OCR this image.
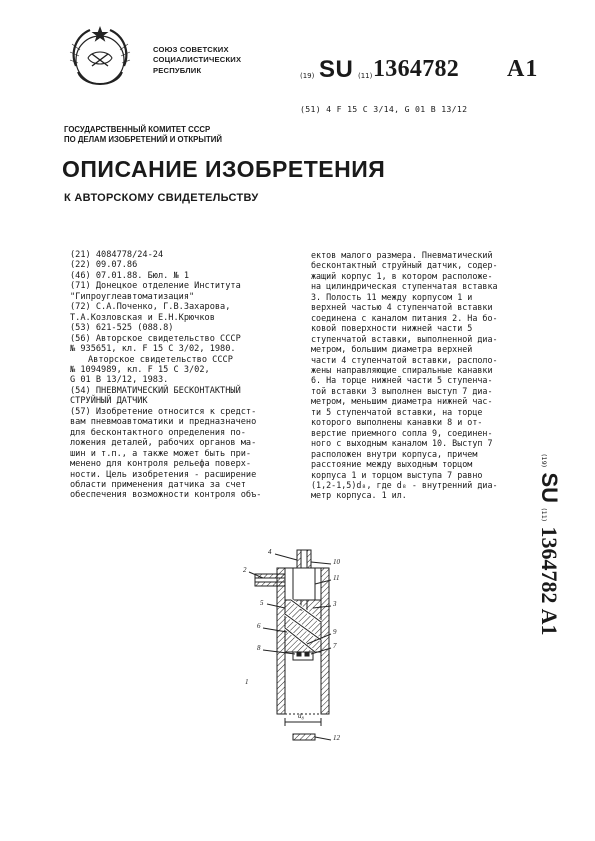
СОЮЗ СОВЕТСКИХ
СОЦИАЛИСТИЧЕСКИХ
РЕСПУБЛИК
(19) SU (11) 1364782 A1
(51) 4 F 15 C 3/14, G 01 B 13/12
ГОСУДАРСТВЕННЫЙ КОМИТЕТ СССР
ПО ДЕЛАМ ИЗОБРЕТЕНИЙ И ОТКРЫТИЙ
ОПИСАНИЕ ИЗОБРЕТЕНИЯ
К АВТОРСКОМУ СВИДЕТЕЛЬСТВУ
(21) 4084778/24-24
(22) 09.07.86
(46) 07.01.88. Бюл. № 1
(71) Донецкое отделение Института
"Гипроуглеавтоматизация"
(72) С.А.Поченко, Г.В.Захарова,
Т.А.Козловская и Е.Н.Крючков
(53) 621-525 (088.8)
(56) Авторское свидетельство СССР
№ 935651, кл. F 15 C 3/02, 1980.
Авторское свидетельство СССР
№ 1094989, кл. F 15 C 3/02,
G 01 B 13/12, 1983.
(54) ПНЕВМАТИЧЕСКИЙ БЕСКОНТАКТНЫЙ
СТРУЙНЫЙ ДАТЧИК
(57) Изобретение относится к средст-
вам пневмоавтоматики и предназначено
для бесконтактного определения по-
ложения деталей, рабочих органов ма-
шин и т.п., а также может быть при-
менено для контроля рельефа поверх-
ности. Цель изобретения - расширение
области применения датчика за счет
обеспечения возможности контроля объ-
ектов малого размера. Пневматический
бесконтактный струйный датчик, содер-
жащий корпус 1, в котором расположе-
на цилиндрическая ступенчатая вставка
3. Полость 11 между корпусом 1 и
верхней частью 4 ступенчатой вставки
соединена с каналом питания 2. На бо-
ковой поверхности нижней части 5
ступенчатой вставки, выполненной диа-
метром, большим диаметра верхней
части 4 ступенчатой вставки, располо-
жены направляющие спиральные канавки
6. На торце нижней части 5 ступенча-
той вставки 3 выполнен выступ 7 диа-
метром, меньшим диаметра нижней час-
ти 5 ступенчатой вставки, на торце
которого выполнены канавки 8 и от-
верстие приемного сопла 9, соединен-
ного с выходным каналом 10. Выступ 7
расположен внутри корпуса, причем
расстояние между выходным торцом
корпуса 1 и торцом выступа 7 равно
(1,2-1,5)d₈, где d₈ - внутренний диа-
метр корпуса. 1 ил.
(19) SU (11) 1364782 A1
2
4
10
11
5	3
6
9
8	7
1
d₈
12
